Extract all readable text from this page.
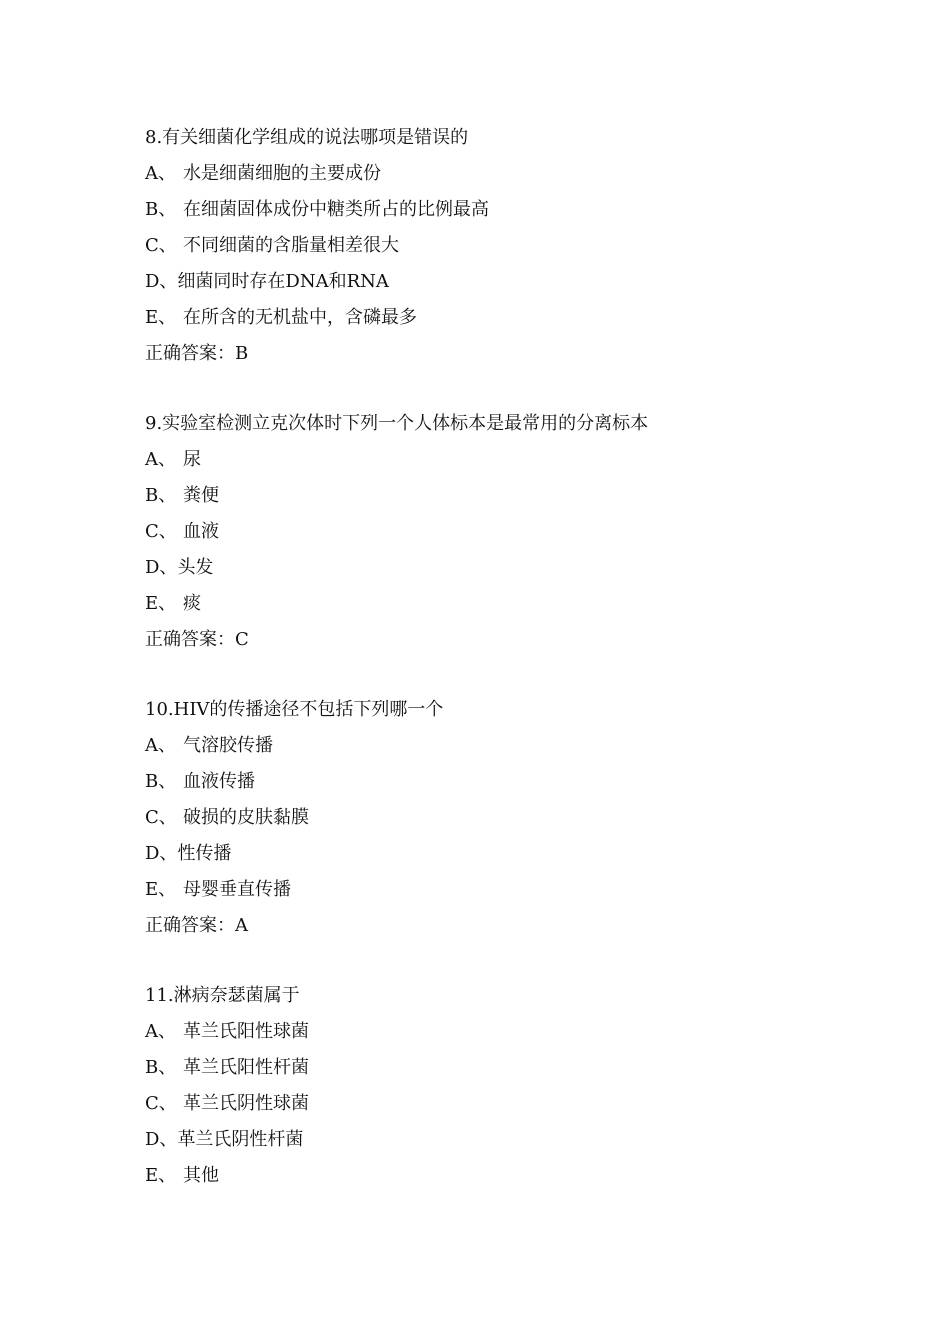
8.有关细菌化学组成的说法哪项是错误的
A、 水是细菌细胞的主要成份
B、 在细菌固体成份中糖类所占的比例最高
C、 不同细菌的含脂量相差很大
D、细菌同时存在DNA和RNA
E、 在所含的无机盐中，含磷最多
正确答案：B
9.实验室检测立克次体时下列一个人体标本是最常用的分离标本
A、 尿
B、 粪便
C、 血液
D、头发
E、 痰
正确答案：C
10.HIV的传播途径不包括下列哪一个
A、 气溶胶传播
B、 血液传播
C、 破损的皮肤黏膜
D、性传播
E、 母婴垂直传播
正确答案：A
11.淋病奈瑟菌属于
A、 革兰氏阳性球菌
B、 革兰氏阳性杆菌
C、 革兰氏阴性球菌
D、革兰氏阴性杆菌
E、 其他
